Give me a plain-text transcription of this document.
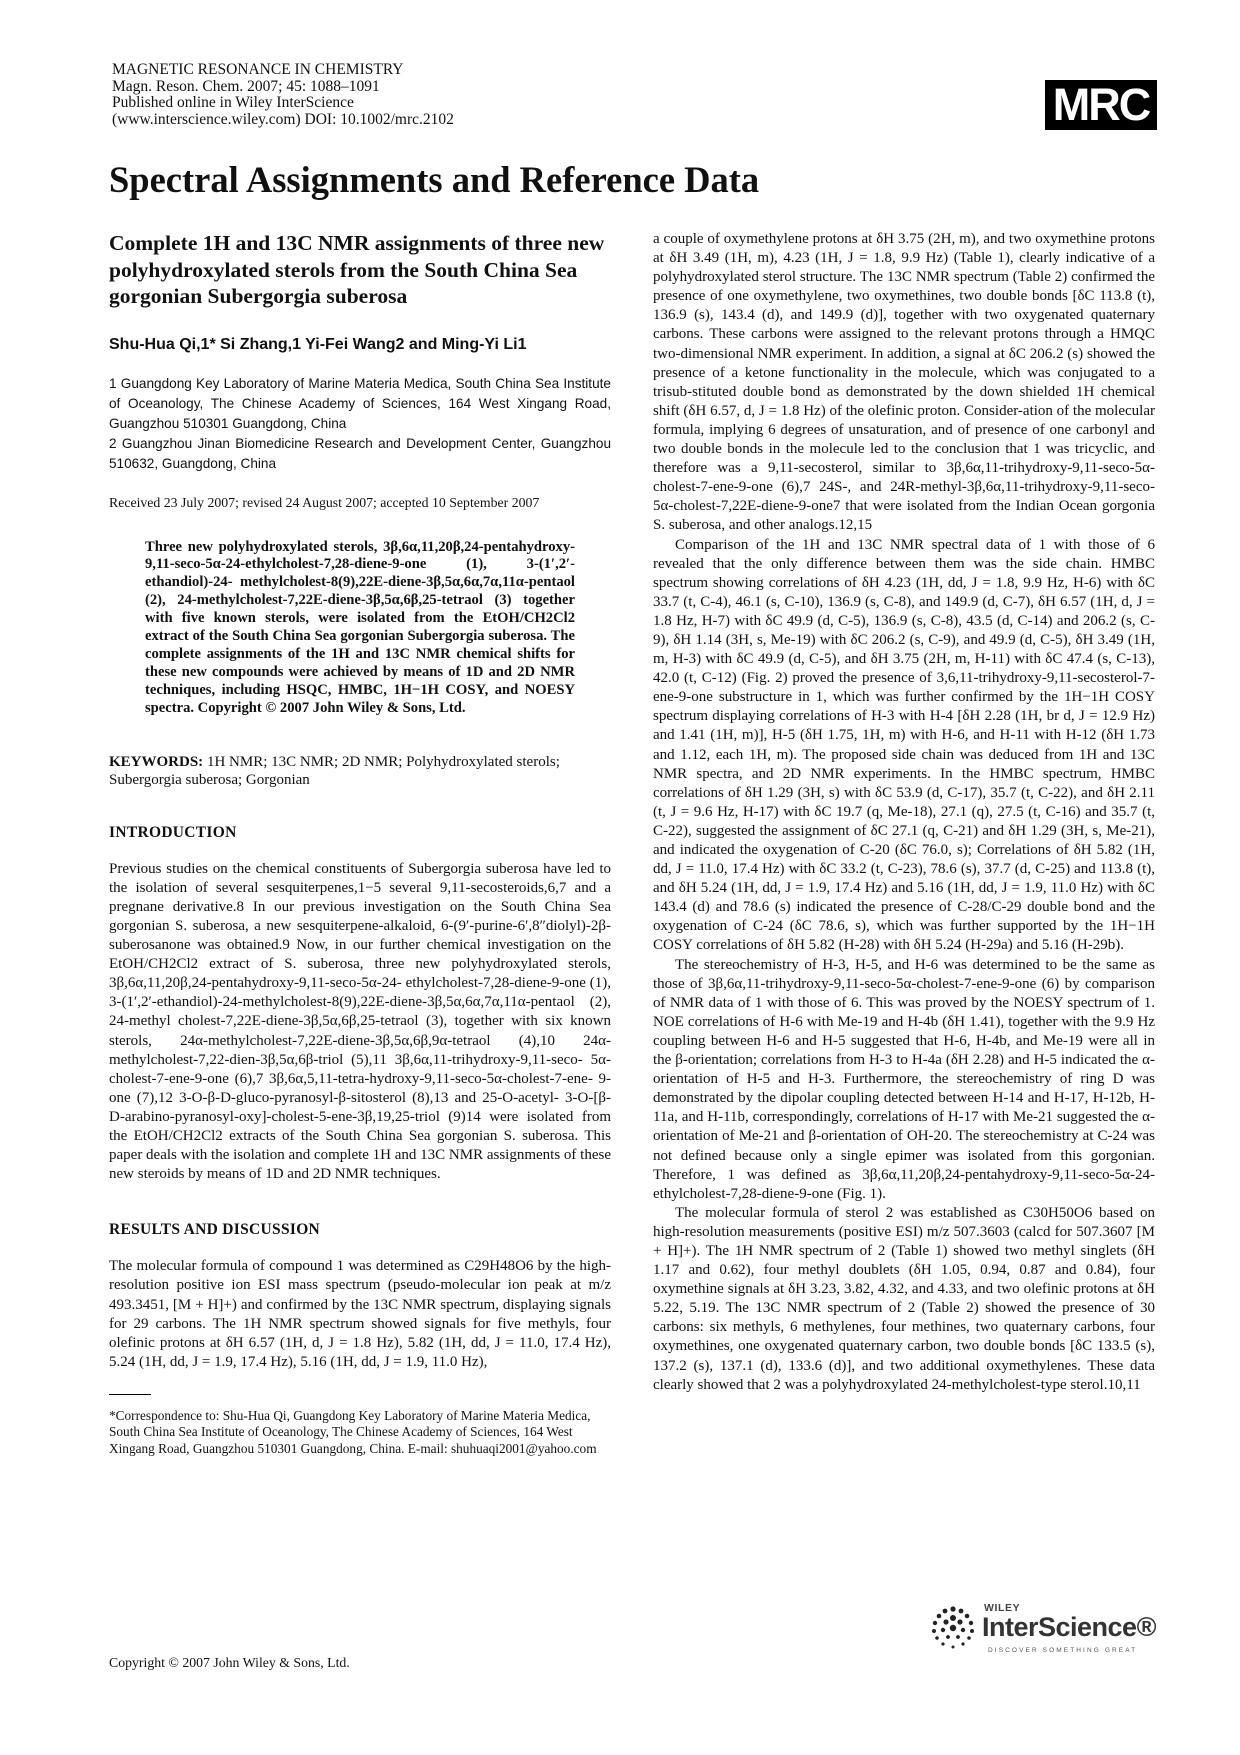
MAGNETIC RESONANCE IN CHEMISTRY
Magn. Reson. Chem. 2007; 45: 1088–1091
Published online in Wiley InterScience
(www.interscience.wiley.com) DOI: 10.1002/mrc.2102	MRC
Spectral Assignments and Reference Data
Complete 1H and 13C NMR assignments of three new polyhydroxylated sterols from the South China Sea gorgonian Subergorgia suberosa
Shu-Hua Qi,1* Si Zhang,1 Yi-Fei Wang2 and Ming-Yi Li1
1 Guangdong Key Laboratory of Marine Materia Medica, South China Sea Institute of Oceanology, The Chinese Academy of Sciences, 164 West Xingang Road, Guangzhou 510301 Guangdong, China
2 Guangzhou Jinan Biomedicine Research and Development Center, Guangzhou 510632, Guangdong, China
Received 23 July 2007; revised 24 August 2007; accepted 10 September 2007

Three new polyhydroxylated sterols, 3β,6α,11,20β,24-pentahydroxy- 9,11-seco-5α-24-ethylcholest-7,28-diene-9-one (1), 3-(1′,2′-ethandiol)-24- methylcholest-8(9),22E-diene-3β,5α,6α,7α,11α-pentaol (2), 24-methylcholest-7,22E-diene-3β,5α,6β,25-tetraol (3) together with five known sterols, were isolated from the EtOH/CH2Cl2 extract of the South China Sea gorgonian Subergorgia suberosa. The complete assignments of the 1H and 13C NMR chemical shifts for these new compounds were achieved by means of 1D and 2D NMR techniques, including HSQC, HMBC, 1H−1H COSY, and NOESY spectra. Copyright © 2007 John Wiley & Sons, Ltd.

KEYWORDS: 1H NMR; 13C NMR; 2D NMR; Polyhydroxylated sterols; Subergorgia suberosa; Gorgonian
INTRODUCTION

Previous studies on the chemical constituents of Subergorgia suberosa have led to the isolation of several sesquiterpenes,1−5 several 9,11-secosteroids,6,7 and a pregnane derivative.8 In our previous investigation on the South China Sea gorgonian S. suberosa, a new sesquiterpene-alkaloid, 6-(9′-purine-6′,8″diolyl)-2β-suberosanone was obtained.9 Now, in our further chemical investigation on the EtOH/CH2Cl2 extract of S. suberosa, three new polyhydroxylated sterols, 3β,6α,11,20β,24-pentahydroxy-9,11-seco-5α-24- ethylcholest-7,28-diene-9-one (1), 3-(1′,2′-ethandiol)-24-methylcholest-8(9),22E-diene-3β,5α,6α,7α,11α-pentaol (2), 24-methyl cholest-7,22E-diene-3β,5α,6β,25-tetraol (3), together with six known sterols, 24α-methylcholest-7,22E-diene-3β,5α,6β,9α-tetraol (4),10 24α-methylcholest-7,22-dien-3β,5α,6β-triol (5),11 3β,6α,11-trihydroxy-9,11-seco- 5α-cholest-7-ene-9-one (6),7 3β,6α,5,11-tetra-hydroxy-9,11-seco-5α-cholest-7-ene- 9-one (7),12 3-O-β-D-gluco-pyranosyl-β-sitosterol (8),13 and 25-O-acetyl- 3-O-[β-D-arabino-pyranosyl-oxy]-cholest-5-ene-3β,19,25-triol (9)14 were isolated from the EtOH/CH2Cl2 extracts of the South China Sea gorgonian S. suberosa. This paper deals with the isolation and complete 1H and 13C NMR assignments of these new steroids by means of 1D and 2D NMR techniques.

RESULTS AND DISCUSSION

The molecular formula of compound 1 was determined as C29H48O6 by the high-resolution positive ion ESI mass spectrum (pseudo-molecular ion peak at m/z 493.3451, [M + H]+) and confirmed by the 13C NMR spectrum, displaying signals for 29 carbons. The 1H NMR spectrum showed signals for five methyls, four olefinic protons at δH 6.57 (1H, d, J = 1.8 Hz), 5.82 (1H, dd, J = 11.0, 17.4 Hz), 5.24 (1H, dd, J = 1.9, 17.4 Hz), 5.16 (1H, dd, J = 1.9, 11.0 Hz),

*Correspondence to: Shu-Hua Qi, Guangdong Key Laboratory of Marine Materia Medica, South China Sea Institute of Oceanology, The Chinese Academy of Sciences, 164 West Xingang Road, Guangzhou 510301 Guangdong, China. E-mail: shuhuaqi2001@yahoo.com
Copyright © 2007 John Wiley & Sons, Ltd.

a couple of oxymethylene protons at δH 3.75 (2H, m), and two oxymethine protons at δH 3.49 (1H, m), 4.23 (1H, J = 1.8, 9.9 Hz) (Table 1), clearly indicative of a polyhydroxylated sterol structure. The 13C NMR spectrum (Table 2) confirmed the presence of one oxymethylene, two oxymethines, two double bonds [δC 113.8 (t), 136.9 (s), 143.4 (d), and 149.9 (d)], together with two oxygenated quaternary carbons. These carbons were assigned to the relevant protons through a HMQC two-dimensional NMR experiment. In addition, a signal at δC 206.2 (s) showed the presence of a ketone functionality in the molecule, which was conjugated to a trisub-stituted double bond as demonstrated by the down shielded 1H chemical shift (δH 6.57, d, J = 1.8 Hz) of the olefinic proton. Consider-ation of the molecular formula, implying 6 degrees of unsaturation, and of presence of one carbonyl and two double bonds in the molecule led to the conclusion that 1 was tricyclic, and therefore was a 9,11-secosterol, similar to 3β,6α,11-trihydroxy-9,11-seco-5α-cholest-7-ene-9-one (6),7 24S-, and 24R-methyl-3β,6α,11-trihydroxy-9,11-seco-5α-cholest-7,22E-diene-9-one7 that were isolated from the Indian Ocean gorgonia S. suberosa, and other analogs.12,15

Comparison of the 1H and 13C NMR spectral data of 1 with those of 6 revealed that the only difference between them was the side chain. HMBC spectrum showing correlations of δH 4.23 (1H, dd, J = 1.8, 9.9 Hz, H-6) with δC 33.7 (t, C-4), 46.1 (s, C-10), 136.9 (s, C-8), and 149.9 (d, C-7), δH 6.57 (1H, d, J = 1.8 Hz, H-7) with δC 49.9 (d, C-5), 136.9 (s, C-8), 43.5 (d, C-14) and 206.2 (s, C-9), δH 1.14 (3H, s, Me-19) with δC 206.2 (s, C-9), and 49.9 (d, C-5), δH 3.49 (1H, m, H-3) with δC 49.9 (d, C-5), and δH 3.75 (2H, m, H-11) with δC 47.4 (s, C-13), 42.0 (t, C-12) (Fig. 2) proved the presence of 3,6,11-trihydroxy-9,11-secosterol-7-ene-9-one substructure in 1, which was further confirmed by the 1H−1H COSY spectrum displaying correlations of H-3 with H-4 [δH 2.28 (1H, br d, J = 12.9 Hz) and 1.41 (1H, m)], H-5 (δH 1.75, 1H, m) with H-6, and H-11 with H-12 (δH 1.73 and 1.12, each 1H, m). The proposed side chain was deduced from 1H and 13C NMR spectra, and 2D NMR experiments. In the HMBC spectrum, HMBC correlations of δH 1.29 (3H, s) with δC 53.9 (d, C-17), 35.7 (t, C-22), and δH 2.11 (t, J = 9.6 Hz, H-17) with δC 19.7 (q, Me-18), 27.1 (q), 27.5 (t, C-16) and 35.7 (t, C-22), suggested the assignment of δC 27.1 (q, C-21) and δH 1.29 (3H, s, Me-21), and indicated the oxygenation of C-20 (δC 76.0, s); Correlations of δH 5.82 (1H, dd, J = 11.0, 17.4 Hz) with δC 33.2 (t, C-23), 78.6 (s), 37.7 (d, C-25) and 113.8 (t), and δH 5.24 (1H, dd, J = 1.9, 17.4 Hz) and 5.16 (1H, dd, J = 1.9, 11.0 Hz) with δC 143.4 (d) and 78.6 (s) indicated the presence of C-28/C-29 double bond and the oxygenation of C-24 (δC 78.6, s), which was further supported by the 1H−1H COSY correlations of δH 5.82 (H-28) with δH 5.24 (H-29a) and 5.16 (H-29b).

The stereochemistry of H-3, H-5, and H-6 was determined to be the same as those of 3β,6α,11-trihydroxy-9,11-seco-5α-cholest-7-ene-9-one (6) by comparison of NMR data of 1 with those of 6. This was proved by the NOESY spectrum of 1. NOE correlations of H-6 with Me-19 and H-4b (δH 1.41), together with the 9.9 Hz coupling between H-6 and H-5 suggested that H-6, H-4b, and Me-19 were all in the β-orientation; correlations from H-3 to H-4a (δH 2.28) and H-5 indicated the α-orientation of H-5 and H-3. Furthermore, the stereochemistry of ring D was demonstrated by the dipolar coupling detected between H-14 and H-17, H-12b, H-11a, and H-11b, correspondingly, correlations of H-17 with Me-21 suggested the α-orientation of Me-21 and β-orientation of OH-20. The stereochemistry at C-24 was not defined because only a single epimer was isolated from this gorgonian. Therefore, 1 was defined as 3β,6α,11,20β,24-pentahydroxy-9,11-seco-5α-24-ethylcholest-7,28-diene-9-one (Fig. 1).

The molecular formula of sterol 2 was established as C30H50O6 based on high-resolution measurements (positive ESI) m/z 507.3603 (calcd for 507.3607 [M + H]+). The 1H NMR spectrum of 2 (Table 1) showed two methyl singlets (δH 1.17 and 0.62), four methyl doublets (δH 1.05, 0.94, 0.87 and 0.84), four oxymethine signals at δH 3.23, 3.82, 4.32, and 4.33, and two olefinic protons at δH 5.22, 5.19. The 13C NMR spectrum of 2 (Table 2) showed the presence of 30 carbons: six methyls, 6 methylenes, four methines, two quaternary carbons, four oxymethines, one oxygenated quaternary carbon, two double bonds [δC 133.5 (s), 137.2 (s), 137.1 (d), 133.6 (d)], and two additional oxymethylenes. These data clearly showed that 2 was a polyhydroxylated 24-methylcholest-type sterol.10,11

WILEY
InterScience®
DISCOVER SOMETHING GREAT
